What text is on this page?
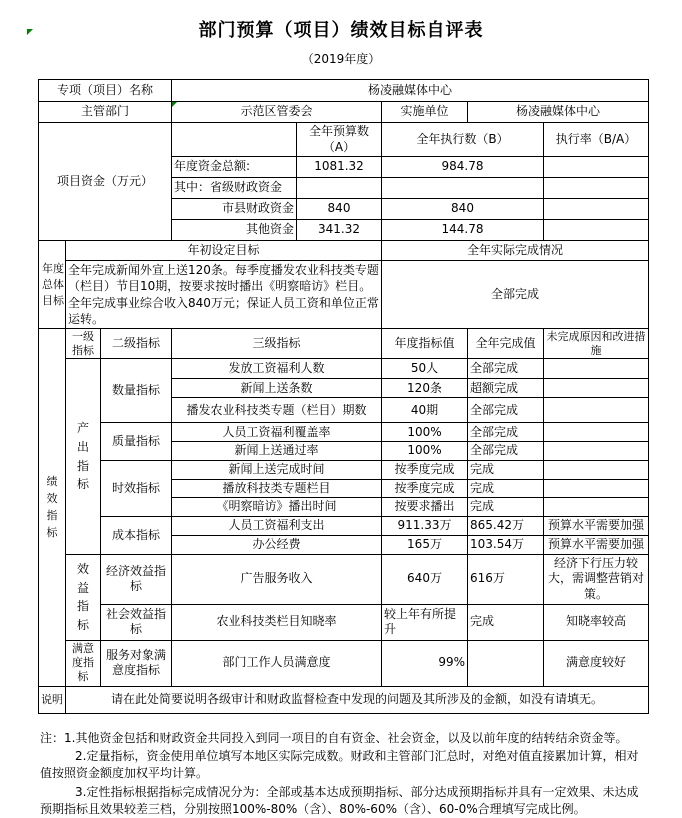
部门预算（项目）绩效目标自评表
（2019年度）
专项（项目）名称			杨凌融媒体中心				
主管部门			示范区管委会		实施单位	杨凌融媒体中心	
项目资金（万元）				全年预算数（A）	全年执行数（B）		执行率（B/A）
			年度资金总额:	1081.32	984.78		
			其中：省级财政资金				
			市县财政资金	840	840		
			其他资金	341.32	144.78		
年度总体目标	年初设定目标				全年实际完成情况		
	全年完成新闻外宣上送120条。每季度播发农业科技类专题（栏目）节目10期，按要求按时播出《明察暗访》栏目。全年完成事业综合收入840万元；保证人员工资和单位正常运转。				全部完成		
绩效指标	一级指标	二级指标	三级指标		年度指标值	全年完成值	未完成原因和改进措施
	产出指标	数量指标	发放工资福利人数		50人	全部完成	
			新闻上送条数		120条	超额完成	
			播发农业科技类专题（栏目）期数		40期	全部完成	
		质量指标	人员工资福利覆盖率		100%	全部完成	
			新闻上送通过率		100%	全部完成	
		时效指标	新闻上送完成时间		按季度完成	完成	
			播放科技类专题栏目		按季度完成	完成	
			《明察暗访》播出时间		按要求播出	完成	
		成本指标	人员工资福利支出		911.33万	865.42万	预算水平需要加强
			办公经费		165万	103.54万	预算水平需要加强
	效益指标	经济效益指标	广告服务收入		640万	616万	经济下行压力较大，需调整营销对策。
		社会效益指标	农业科技类栏目知晓率		较上年有所提升	完成	知晓率较高
	满意度指标	服务对象满意度指标	部门工作人员满意度		99%		满意度较好
说明	请在此处简要说明各级审计和财政监督检查中发现的问题及其所涉及的金额，如没有请填无。						

注：1.其他资金包括和财政资金共同投入到同一项目的自有资金、社会资金，以及以前年度的结转结余资金等。

2.定量指标，资金使用单位填写本地区实际完成数。财政和主管部门汇总时，对绝对值直接累加计算，相对值按照资金额度加权平均计算。

3.定性指标根据指标完成情况分为：全部或基本达成预期指标、部分达成预期指标并具有一定效果、未达成预期指标且效果较差三档，分别按照100%-80%（含）、80%-60%（含）、60-0%合理填写完成比例。
